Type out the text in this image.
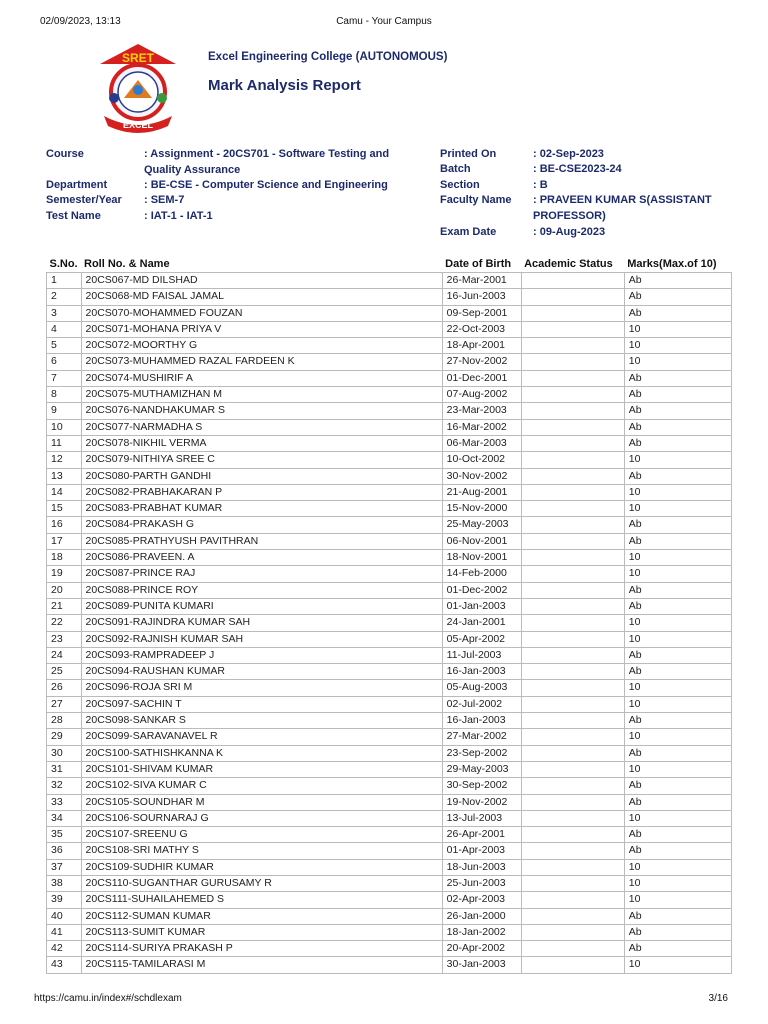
02/09/2023, 13:13	Camu - Your Campus
SRET
EXCEL
Excel Engineering College (AUTONOMOUS)
Mark Analysis Report
Course	: Assignment - 20CS701 - Software Testing and
Quality Assurance
Department	: BE-CSE - Computer Science and Engineering
Semester/Year : SEM-7
Test Name	: IAT-1 - IAT-1
Printed On	: 02-Sep-2023
Batch	: BE-CSE2023-24
Section	: B
Faculty Name : PRAVEEN KUMAR S(ASSISTANT
PROFESSOR)
Exam Date	: 09-Aug-2023
S.No.	Roll No. & Name	Date of Birth	Academic Status	Marks(Max.of 10)
1	20CS067-MD DILSHAD	26-Mar-2001		Ab
2	20CS068-MD FAISAL JAMAL	16-Jun-2003		Ab
3	20CS070-MOHAMMED FOUZAN	09-Sep-2001		Ab
4	20CS071-MOHANA PRIYA V	22-Oct-2003		10
5	20CS072-MOORTHY G	18-Apr-2001		10
6	20CS073-MUHAMMED RAZAL FARDEEN K	27-Nov-2002		10
7	20CS074-MUSHIRIF A	01-Dec-2001		Ab
8	20CS075-MUTHAMIZHAN M	07-Aug-2002		Ab
9	20CS076-NANDHAKUMAR S	23-Mar-2003		Ab
10	20CS077-NARMADHA S	16-Mar-2002		Ab
11	20CS078-NIKHIL VERMA	06-Mar-2003		Ab
12	20CS079-NITHIYA SREE C	10-Oct-2002		10
13	20CS080-PARTH GANDHI	30-Nov-2002		Ab
14	20CS082-PRABHAKARAN P	21-Aug-2001		10
15	20CS083-PRABHAT KUMAR	15-Nov-2000		10
16	20CS084-PRAKASH G	25-May-2003		Ab
17	20CS085-PRATHYUSH PAVITHRAN	06-Nov-2001		Ab
18	20CS086-PRAVEEN. A	18-Nov-2001		10
19	20CS087-PRINCE RAJ	14-Feb-2000		10
20	20CS088-PRINCE ROY	01-Dec-2002		Ab
21	20CS089-PUNITA KUMARI	01-Jan-2003		Ab
22	20CS091-RAJINDRA KUMAR SAH	24-Jan-2001		10
23	20CS092-RAJNISH KUMAR SAH	05-Apr-2002		10
24	20CS093-RAMPRADEEP J	11-Jul-2003		Ab
25	20CS094-RAUSHAN KUMAR	16-Jan-2003		Ab
26	20CS096-ROJA SRI M	05-Aug-2003		10
27	20CS097-SACHIN T	02-Jul-2002		10
28	20CS098-SANKAR S	16-Jan-2003		Ab
29	20CS099-SARAVANAVEL R	27-Mar-2002		10
30	20CS100-SATHISHKANNA K	23-Sep-2002		Ab
31	20CS101-SHIVAM KUMAR	29-May-2003		10
32	20CS102-SIVA KUMAR C	30-Sep-2002		Ab
33	20CS105-SOUNDHAR M	19-Nov-2002		Ab
34	20CS106-SOURNARAJ G	13-Jul-2003		10
35	20CS107-SREENU G	26-Apr-2001		Ab
36	20CS108-SRI MATHY S	01-Apr-2003		Ab
37	20CS109-SUDHIR KUMAR	18-Jun-2003		10
38	20CS110-SUGANTHAR GURUSAMY R	25-Jun-2003		10
39	20CS111-SUHAILAHEMED S	02-Apr-2003		10
40	20CS112-SUMAN KUMAR	26-Jan-2000		Ab
41	20CS113-SUMIT KUMAR	18-Jan-2002		Ab
42	20CS114-SURIYA PRAKASH P	20-Apr-2002		Ab
43	20CS115-TAMILARASI M	30-Jan-2003		10
https://camu.in/index#/schdlexam	3/16
